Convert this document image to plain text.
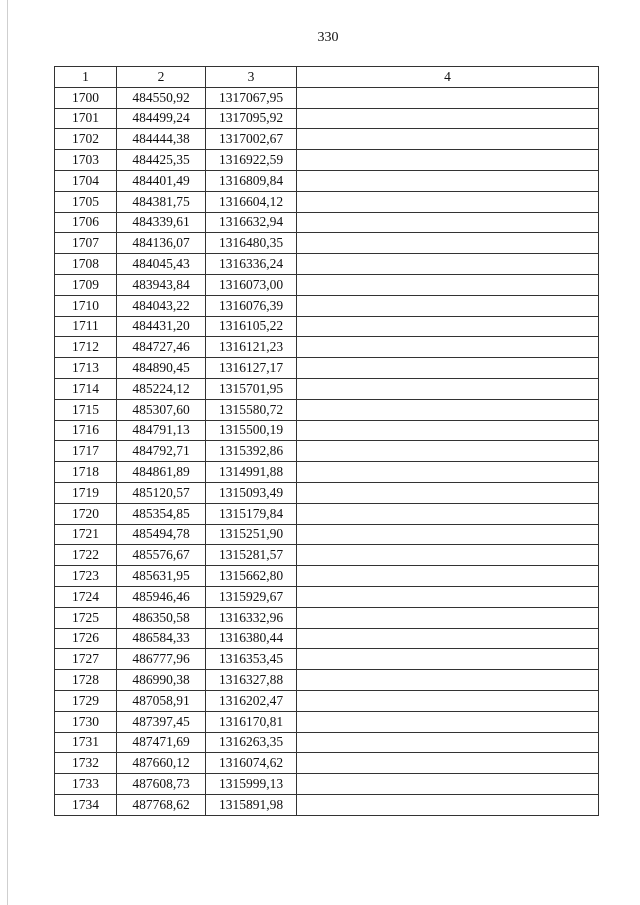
330
1	2	3	4
1700	484550,92	1317067,95	
1701	484499,24	1317095,92	
1702	484444,38	1317002,67	
1703	484425,35	1316922,59	
1704	484401,49	1316809,84	
1705	484381,75	1316604,12	
1706	484339,61	1316632,94	
1707	484136,07	1316480,35	
1708	484045,43	1316336,24	
1709	483943,84	1316073,00	
1710	484043,22	1316076,39	
1711	484431,20	1316105,22	
1712	484727,46	1316121,23	
1713	484890,45	1316127,17	
1714	485224,12	1315701,95	
1715	485307,60	1315580,72	
1716	484791,13	1315500,19	
1717	484792,71	1315392,86	
1718	484861,89	1314991,88	
1719	485120,57	1315093,49	
1720	485354,85	1315179,84	
1721	485494,78	1315251,90	
1722	485576,67	1315281,57	
1723	485631,95	1315662,80	
1724	485946,46	1315929,67	
1725	486350,58	1316332,96	
1726	486584,33	1316380,44	
1727	486777,96	1316353,45	
1728	486990,38	1316327,88	
1729	487058,91	1316202,47	
1730	487397,45	1316170,81	
1731	487471,69	1316263,35	
1732	487660,12	1316074,62	
1733	487608,73	1315999,13	
1734	487768,62	1315891,98	
